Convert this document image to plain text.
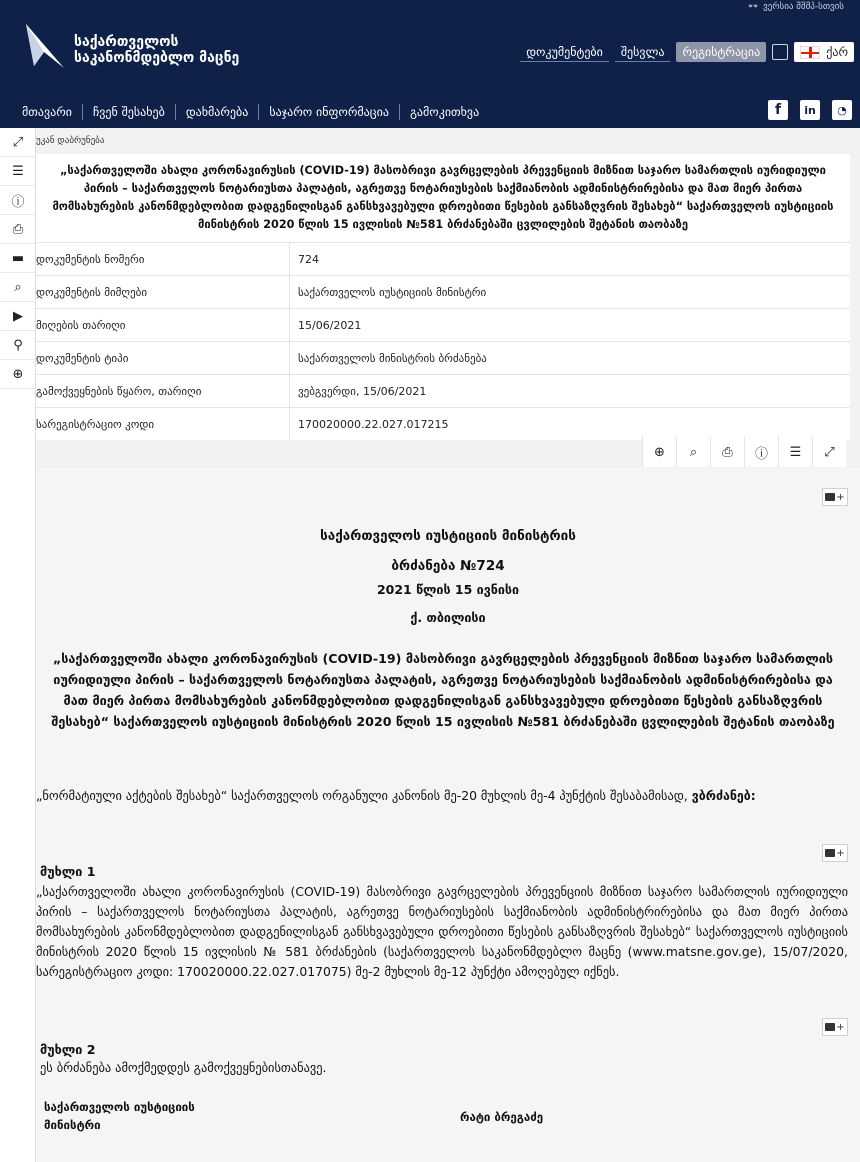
👓 ვერსია შშმპ-სთვის
საქართველოს
საკანონმდებლო მაცნე	დოკუმენტები	შესვლა	რეგისტრაცია	ქარ
მთავარი ჩვენ შესახებ დახმარება საჯარო ინფორმაცია გამოკითხვა	f	in	◔
⤢
☰
ⓘ
⎙
▬
⌕
▶
⚲
⊕
უკან დაბრუნება
„საქართველოში ახალი კორონავირუსის (COVID-19) მასობრივი გავრცელების პრევენციის მიზნით საჯარო სამართლის იურიდიული პირის – საქართველოს ნოტარიუსთა პალატის, აგრეთვე ნოტარიუსების საქმიანობის ადმინისტრირებისა და მათ მიერ პირთა მომსახურების კანონმდებლობით დადგენილისგან განსხვავებული დროებითი წესების განსაზღვრის შესახებ“ საქართველოს იუსტიციის მინისტრის 2020 წლის 15 ივლისის №581 ბრძანებაში ცვლილების შეტანის თაობაზე
დოკუმენტის ნომერი	724
დოკუმენტის მიმღები	საქართველოს იუსტიციის მინისტრი
მიღების თარიღი	15/06/2021
დოკუმენტის ტიპი	საქართველოს მინისტრის ბრძანება
გამოქვეყნების წყარო, თარიღი	ვებგვერდი, 15/06/2021
სარეგისტრაციო კოდი	170020000.22.027.017215
⊕	⌕	⎙	ⓘ	☰	⤢
+
საქართველოს იუსტიციის მინისტრის
ბრძანება №724
2021 წლის 15 ივნისი
ქ. თბილისი
„საქართველოში ახალი კორონავირუსის (COVID-19) მასობრივი გავრცელების პრევენციის მიზნით საჯარო სამართლის იურიდიული პირის – საქართველოს ნოტარიუსთა პალატის, აგრეთვე ნოტარიუსების საქმიანობის ადმინისტრირებისა და მათ მიერ პირთა მომსახურების კანონმდებლობით დადგენილისგან განსხვავებული დროებითი წესების განსაზღვრის შესახებ“ საქართველოს იუსტიციის მინისტრის 2020 წლის 15 ივლისის №581 ბრძანებაში ცვლილების შეტანის თაობაზე
„ნორმატიული აქტების შესახებ“ საქართველოს ორგანული კანონის მე-20 მუხლის მე-4 პუნქტის შესაბამისად, ვბრძანებ:
+
მუხლი 1
„საქართველოში ახალი კორონავირუსის (COVID-19) მასობრივი გავრცელების პრევენციის მიზნით საჯარო სამართლის იურიდიული პირის – საქართველოს ნოტარიუსთა პალატის, აგრეთვე ნოტარიუსების საქმიანობის ადმინისტრირებისა და მათ მიერ პირთა მომსახურების კანონმდებლობით დადგენილისგან განსხვავებული დროებითი წესების განსაზღვრის შესახებ“ საქართველოს იუსტიციის მინისტრის 2020 წლის 15 ივლისის № 581 ბრძანების (საქართველოს საკანონმდებლო მაცნე (www.matsne.gov.ge), 15/07/2020, სარეგისტრაციო კოდი: 170020000.22.027.017075) მე-2 მუხლის მე-12 პუნქტი ამოღებულ იქნეს.
+
მუხლი 2
ეს ბრძანება ამოქმედდეს გამოქვეყნებისთანავე.
საქართველოს იუსტიციის
მინისტრი
რატი ბრეგაძე
